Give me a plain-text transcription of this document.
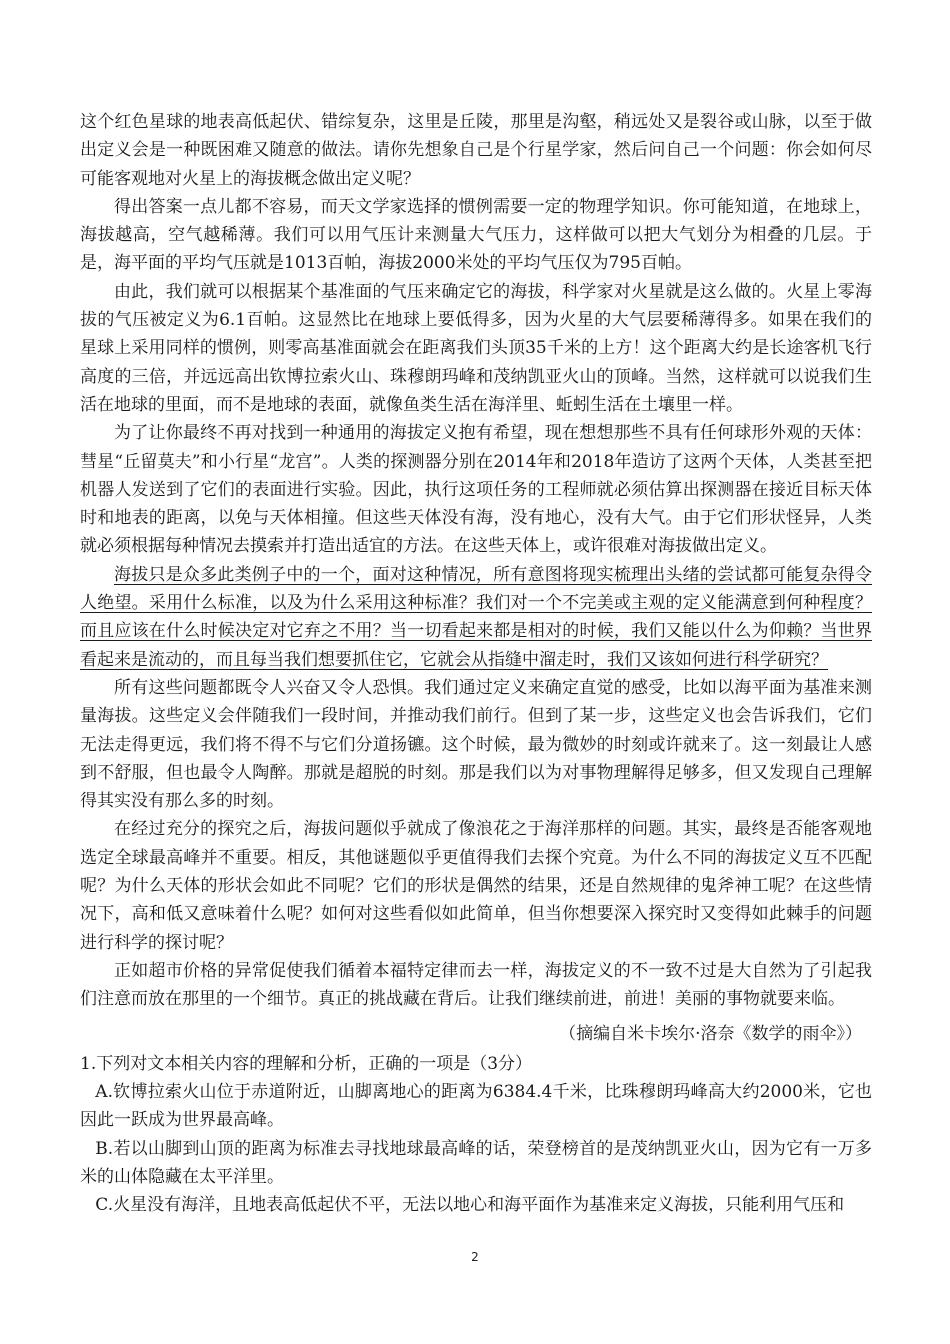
这个红色星球的地表高低起伏、错综复杂，这里是丘陵，那里是沟壑，稍远处又是裂谷或山脉，以至于做出定义会是一种既困难又随意的做法。请你先想象自己是个行星学家，然后问自己一个问题：你会如何尽可能客观地对火星上的海拔概念做出定义呢？

得出答案一点儿都不容易，而天文学家选择的惯例需要一定的物理学知识。你可能知道，在地球上，海拔越高，空气越稀薄。我们可以用气压计来测量大气压力，这样做可以把大气划分为相叠的几层。于是，海平面的平均气压就是1013百帕，海拔2000米处的平均气压仅为795百帕。

由此，我们就可以根据某个基准面的气压来确定它的海拔，科学家对火星就是这么做的。火星上零海拔的气压被定义为6.1百帕。这显然比在地球上要低得多，因为火星的大气层要稀薄得多。如果在我们的星球上采用同样的惯例，则零高基准面就会在距离我们头顶35千米的上方！这个距离大约是长途客机飞行高度的三倍，并远远高出钦博拉索火山、珠穆朗玛峰和茂纳凯亚火山的顶峰。当然，这样就可以说我们生活在地球的里面，而不是地球的表面，就像鱼类生活在海洋里、蚯蚓生活在土壤里一样。

为了让你最终不再对找到一种通用的海拔定义抱有希望，现在想想那些不具有任何球形外观的天体：彗星“丘留莫夫”和小行星“龙宫”。人类的探测器分别在2014年和2018年造访了这两个天体，人类甚至把机器人发送到了它们的表面进行实验。因此，执行这项任务的工程师就必须估算出探测器在接近目标天体时和地表的距离，以免与天体相撞。但这些天体没有海，没有地心，没有大气。由于它们形状怪异，人类就必须根据每种情况去摸索并打造出适宜的方法。在这些天体上，或许很难对海拔做出定义。

海拔只是众多此类例子中的一个，面对这种情况，所有意图将现实梳理出头绪的尝试都可能复杂得令人绝望。采用什么标准，以及为什么采用这种标准？我们对一个不完美或主观的定义能满意到何种程度？而且应该在什么时候决定对它弃之不用？当一切看起来都是相对的时候，我们又能以什么为仰赖？当世界看起来是流动的，而且每当我们想要抓住它，它就会从指缝中溜走时，我们又该如何进行科学研究？

所有这些问题都既令人兴奋又令人恐惧。我们通过定义来确定直觉的感受，比如以海平面为基准来测量海拔。这些定义会伴随我们一段时间，并推动我们前行。但到了某一步，这些定义也会告诉我们，它们无法走得更远，我们将不得不与它们分道扬镳。这个时候，最为微妙的时刻或许就来了。这一刻最让人感到不舒服，但也最令人陶醉。那就是超脱的时刻。那是我们以为对事物理解得足够多，但又发现自己理解得其实没有那么多的时刻。

在经过充分的探究之后，海拔问题似乎就成了像浪花之于海洋那样的问题。其实，最终是否能客观地选定全球最高峰并不重要。相反，其他谜题似乎更值得我们去探个究竟。为什么不同的海拔定义互不匹配呢？为什么天体的形状会如此不同呢？它们的形状是偶然的结果，还是自然规律的鬼斧神工呢？在这些情况下，高和低又意味着什么呢？如何对这些看似如此简单，但当你想要深入探究时又变得如此棘手的问题进行科学的探讨呢？

正如超市价格的异常促使我们循着本福特定律而去一样，海拔定义的不一致不过是大自然为了引起我们注意而放在那里的一个细节。真正的挑战藏在背后。让我们继续前进，前进！美丽的事物就要来临。

（摘编自米卡埃尔·洛奈《数学的雨伞》）

1.下列对文本相关内容的理解和分析，正确的一项是（3分）

A.钦博拉索火山位于赤道附近，山脚离地心的距离为6384.4千米，比珠穆朗玛峰高大约2000米，它也因此一跃成为世界最高峰。

B.若以山脚到山顶的距离为标准去寻找地球最高峰的话，荣登榜首的是茂纳凯亚火山，因为它有一万多米的山体隐藏在太平洋里。

C.火星没有海洋，且地表高低起伏不平，无法以地心和海平面作为基准来定义海拔，只能利用气压和

2
